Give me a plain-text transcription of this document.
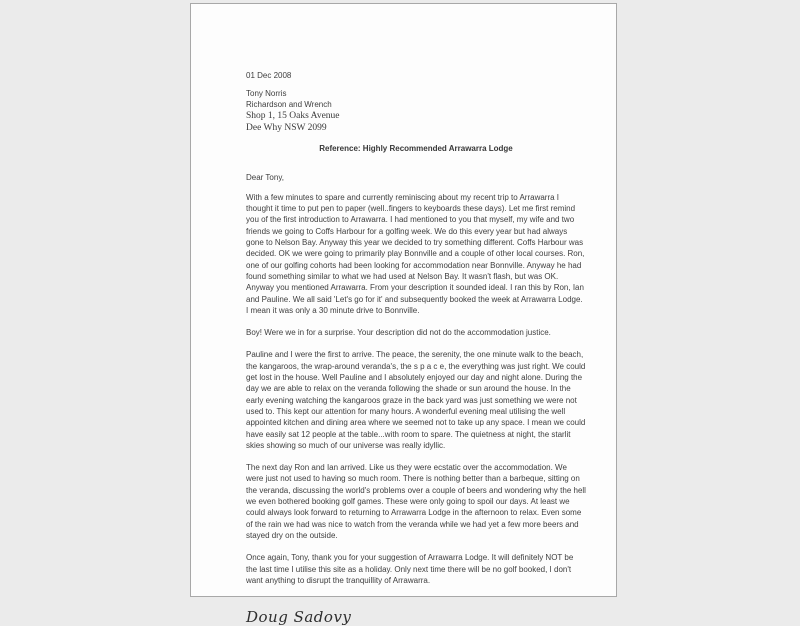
01 Dec 2008
Tony Norris
Richardson and Wrench
Shop 1, 15 Oaks Avenue
Dee Why NSW 2099
Reference: Highly Recommended Arrawarra Lodge
Dear Tony,

With a few minutes to spare and currently reminiscing about my recent trip to Arrawarra I thought it time to put pen to paper (well..fingers to keyboards these days). Let me first remind you of the first introduction to Arrawarra. I had mentioned to you that myself, my wife and two friends we going to Coffs Harbour for a golfing week. We do this every year but had always gone to Nelson Bay. Anyway this year we decided to try something different. Coffs Harbour was decided. OK we were going to primarily play Bonnville and a couple of other local courses. Ron, one of our golfing cohorts had been looking for accommodation near Bonnville. Anyway he had found something similar to what we had used at Nelson Bay. It wasn't flash, but was OK. Anyway you mentioned Arrawarra. From your description it sounded ideal. I ran this by Ron, Ian and Pauline. We all said 'Let's go for it' and subsequently booked the week at Arrawarra Lodge. I mean it was only a 30 minute drive to Bonnville.

Boy! Were we in for a surprise. Your description did not do the accommodation justice.

Pauline and I were the first to arrive. The peace, the serenity, the one minute walk to the beach, the kangaroos, the wrap-around veranda's, the s p a c e, the everything was just right. We could get lost in the house. Well Pauline and I absolutely enjoyed our day and night alone. During the day we are able to relax on the veranda following the shade or sun around the house. In the early evening watching the kangaroos graze in the back yard was just something we were not used to. This kept our attention for many hours. A wonderful evening meal utilising the well appointed kitchen and dining area where we seemed not to take up any space. I mean we could have easily sat 12 people at the table...with room to spare. The quietness at night, the starlit skies showing so much of our universe was really idyllic.

The next day Ron and Ian arrived. Like us they were ecstatic over the accommodation. We were just not used to having so much room. There is nothing better than a barbeque, sitting on the veranda, discussing the world's problems over a couple of beers and wondering why the hell we even bothered booking golf games. These were only going to spoil our days. At least we could always look forward to returning to Arrawarra Lodge in the afternoon to relax. Even some of the rain we had was nice to watch from the veranda while we had yet a few more beers and stayed dry on the outside.

Once again, Tony, thank you for your suggestion of Arrawarra Lodge. It will definitely NOT be the last time I utilise this site as a holiday. Only next time there will be no golf booked, I don't want anything to disrupt the tranquillity of Arrawarra.

Doug Sadovy
